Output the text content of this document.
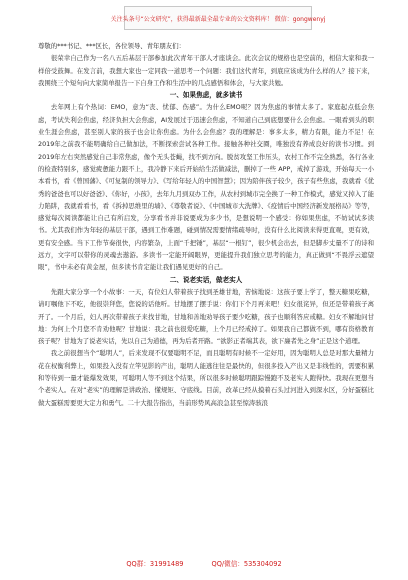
关注头条号“公文研究”，获得最新最全最专业的公文资料库！ 微信：gongwenyj

尊敬的***书记、***区长，各位领导、青年朋友们：

很荣幸自己作为一名八五后基层干部参加此次青年干部人才座谈会。此次会议的规格也是空前的，相信大家和我一样倍受鼓舞。在发言前，我想大家也一定同我一道思考一个问题：我们这代青年，到底应该成为什么样的人？接下来，我围绕三个短句向大家简单报告一下自身工作和生活中的几点感悟和体会，与大家共勉。

一、如果焦虑，就多读书

去年网上有个热词：EMO，意为“丧、忧郁、伤感”。为什么EMO呢？因为焦虑的事情太多了。家庭起点低会焦虑，考试失利会焦虑，经济负担大会焦虑，AI发展过于迅速会焦虑，不知道自己到底想要什么会焦虑。一眼看到头的职业生涯会焦虑，甚至别人家的孩子也会让你焦虑。为什么会焦虑？我的理解是：事多太多，精力有限，能力不足！在2019年之前我不能明确给自己做加法，不断探索尝试各种工作。接触各种社交圈，唯独没有养成良好的读书习惯。到2019年左右突然感觉自己非常焦虑，像个无头苍蝇，找不到方向。脱贫攻坚工作压头，农村工作不完全熟悉，各行各业的检查特别多，感觉疲惫能力跟不上，我冷静下来后开始给生活做减法，删掉了一些 APP，戒掉了游戏，开始每天一小本看书，看《曾国藩》、《可复制的领导力》、《写给年轻人的中国智慧》；因为陪伴孩子较少，孩子有些焦虑，我就看《优秀的爸爸也可以好爸爸》、《你好，小孩》，去年九月到双办工作，从农村到城市完全换了一种工作模式，感觉又掉入了能力陷阱，我就看看书，看《拆掉思维里的墙》、《尊敬者说》、《中国城市大洗牌》、《疫情后中国经济新发展格局》等等，感觉每次阅读都能让自己有所启发，分享看书并非说要成为多少书，是想说明一个感受：你如果焦虑，不妨试试多读书。尤其我们作为年轻的基层干部，遇到工作难题，碰到情况需要情绪疏导时，没有什么比阅读来得更直观，更有效，更有安全感。当下工作节奏很快，内容繁杂，上面“千把锤”，基层“一根钉”，很少机会出去，但是脚步丈量不了的诗和远方，文字可以带你的灵魂去遨游。多读书一定能开阔眼界，更能提升我们独立思考的能力，真正做到“不畏浮云遮望眼”，书中未必有黄金屋，但多读书肯定能让我们遇见更好的自己。

二、说老实话，做老实人

先跟大家分享一个小故事：一天，有位妇人带着孩子找到圣雄甘地，苦恼地说：这孩子要上学了，整天糖果吃糖，请叮嘱他下不吃，他很崇拜您，您说的话他听。甘地摆了摆手说：你们下个月再来吧！妇女很诧异，但还是带着孩子离开了。一个月后，妇人再次带着孩子来找甘地，甘地和善地劝导孩子要少吃糖，孩子也顺利答应戒糖。妇女不解地问甘地：为何上个月您不肯劝他呢？甘地说：我之前也很爱吃糖，上个月已经戒掉了。如果我自己都做不到，哪有资格教育孩子呢？甘地为了说老实话，先以自己为道德，再为后者开路。“欲影正者端其表，欲下廉者先之身”正是这个道理。

我之前很想当个“聪明人”，后来发现不仅要聪明不足，而且聪明有时候不一定好用，因为聪明人总是对那大量精力花在权衡利弊上，如果投入没有立竿见影的产出，聪明人能逃往往是最快的，但很多投入产出又是非线性的，需要积累和等待到一量才能爆发效果，可聪明人等不到这个结果，所以很多时候聪明跟踪慢跑不及老实人跑得快。我现在更想当个老实人。在对“老实”的理解是讲政治、懂规矩、守底线。目前，改革已经从摸着石头过河进入到深水区，分好蛋糕比做大蛋糕需要更大定力和勇气。二十大报告指出，当前形势风高浪急甚至惊涛骇浪

QQ群：31991489	QQ/微信：535304092
